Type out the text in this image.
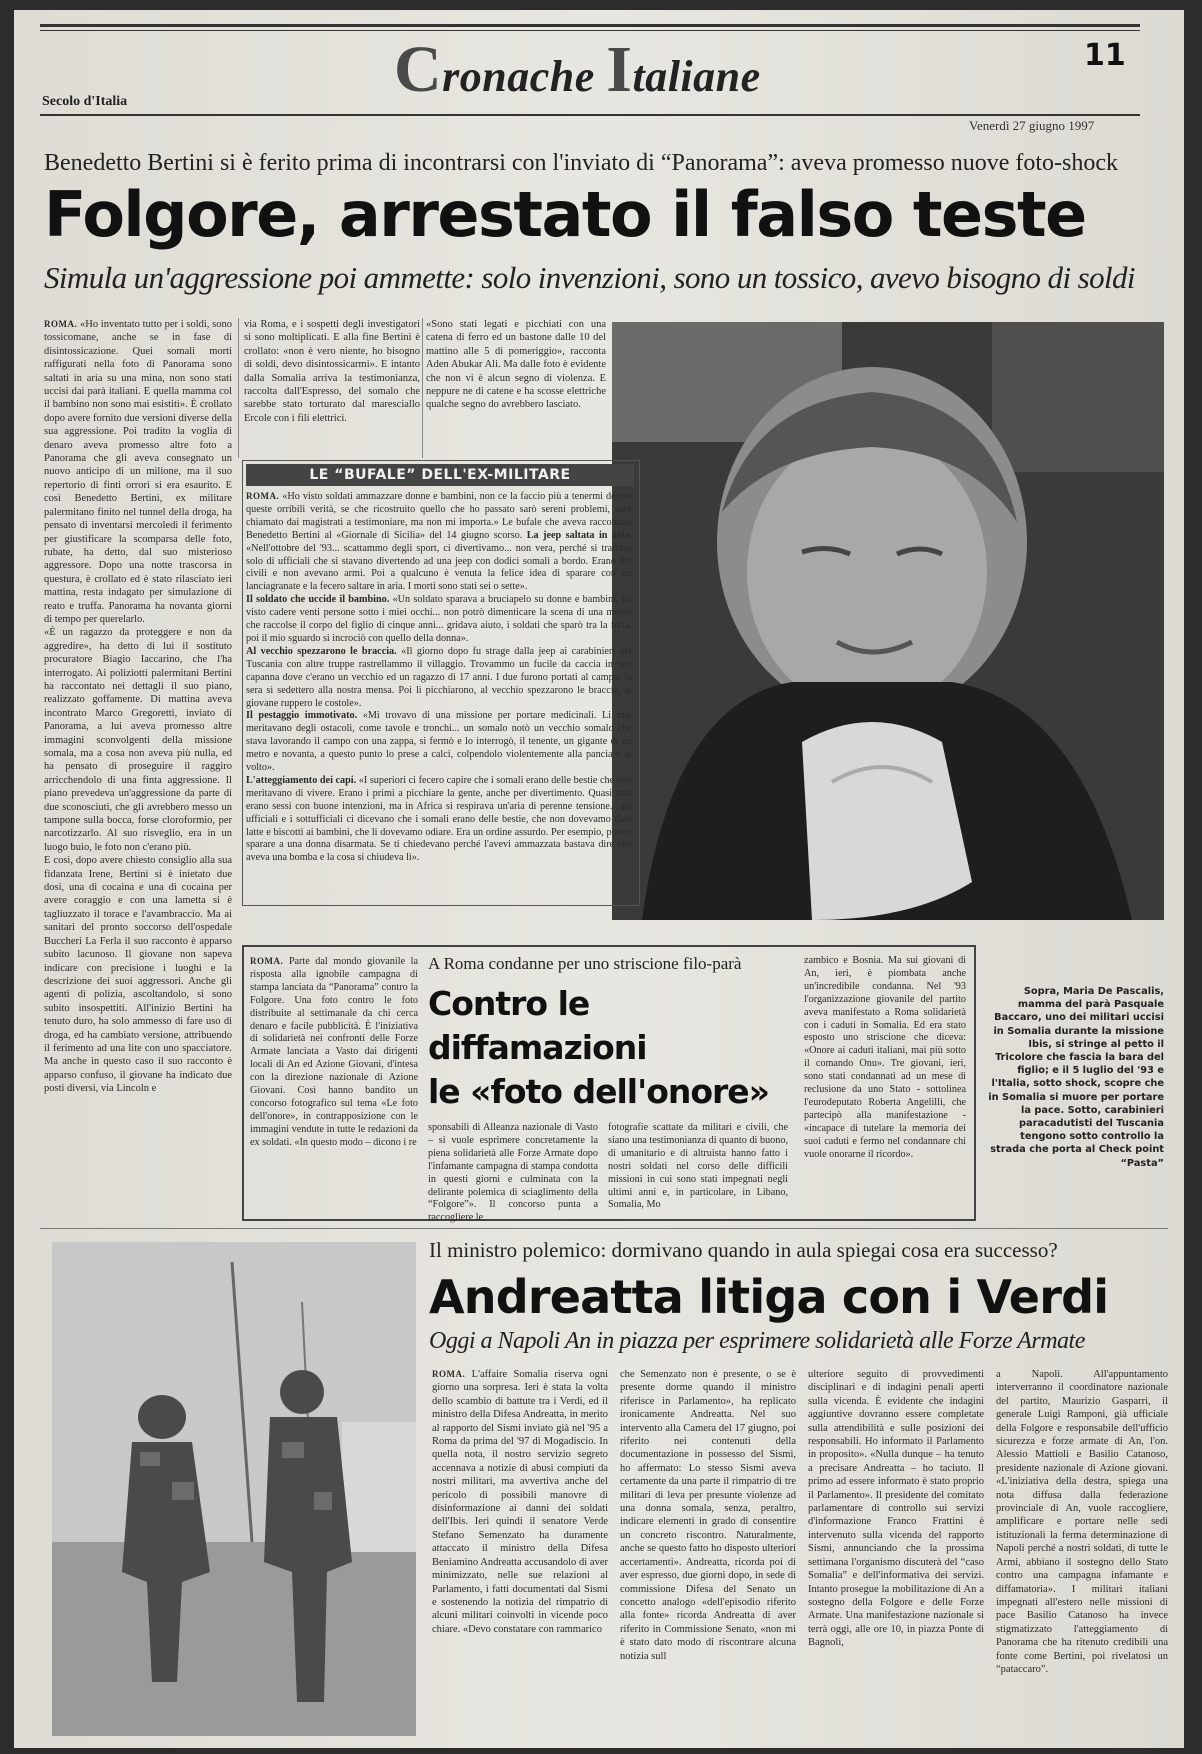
Secolo d'Italia	Cronache Italiane	11
Venerdì 27 giugno 1997
Benedetto Bertini si è ferito prima di incontrarsi con l'inviato di “Panorama”: aveva promesso nuove foto-shock
Folgore, arrestato il falso teste
Simula un'aggressione poi ammette: solo invenzioni, sono un tossico, avevo bisogno di soldi
ROMA. «Ho inventato tutto per i soldi, sono tossicomane, anche se in fase di disintossicazione. Quei somali morti raffigurati nella foto di Panorama sono saltati in aria su una mina, non sono stati uccisi dai parà italiani. E quella mamma col il bambino non sono mai esistiti». È crollato dopo avere fornito due versioni diverse della sua aggressione. Poi tradito la voglia di denaro aveva promesso altre foto a Panorama che gli aveva consegnato un nuovo anticipo di un milione, ma il suo repertorio di finti orrori si era esaurito. E così Benedetto Bertini, ex militare palermitano finito nel tunnel della droga, ha pensato di inventarsi mercoledì il ferimento per giustificare la scomparsa delle foto, rubate, ha detto, dal suo misterioso aggressore. Dopo una notte trascorsa in questura, è crollato ed è stato rilasciato ieri mattina, resta indagato per simulazione di reato e truffa. Panorama ha novanta giorni di tempo per querelarlo.
«È un ragazzo da proteggere e non da aggredire», ha detto di lui il sostituto procuratore Biagio Iaccarino, che l'ha interrogato. Ai poliziotti palermitani Bertini ha raccontato nei dettagli il suo piano, realizzato goffamente. Di mattina aveva incontrato Marco Gregoretti, inviato di Panorama, a lui aveva promesso altre immagini sconvolgenti della missione somala, ma a cosa non aveva più nulla, ed ha pensato di proseguire il raggiro arricchendolo di una finta aggressione. Il piano prevedeva un'aggressione da parte di due sconosciuti, che gli avrebbero messo un tampone sulla bocca, forse cloroformio, per narcotizzarlo. Al suo risveglio, era in un luogo buio, le foto non c'erano più.
E così, dopo avere chiesto consiglio alla sua fidanzata Irene, Bertini si è inietato due dosi, una di cocaina e una di cocaina per avere coraggio e con una lametta si è tagliuzzato il torace e l'avambraccio. Ma ai sanitari del pronto soccorso dell'ospedale Buccheri La Ferla il suo racconto è apparso subito lacunoso. Il giovane non sapeva indicare con precisione i luoghi e la descrizione dei suoi aggressori. Anche gli agenti di polizia, ascoltandolo, si sono subito insospettiti. All'inizio Bertini ha tenuto duro, ha solo ammesso di fare uso di droga, ed ha cambiato versione, attribuendo il ferimento ad una lite con uno spacciatore. Ma anche in questo caso il suo racconto è apparso confuso, il giovane ha indicato due posti diversi, via Lincoln e
via Roma, e i sospetti degli investigatori si sono moltiplicati. E alla fine Bertini è crollato: «non è vero niente, ho bisogno di soldi, devo disintossicarmi». E intanto dalla Somalia arriva la testimonianza, raccolta dall'Espresso, del somalo che sarebbe stato torturato dal maresciallo Ercole con i fili elettrici.
«Sono stati legati e picchiati con una catena di ferro ed un bastone dalle 10 del mattino alle 5 di pomeriggio», racconta Aden Abukar Ali. Ma dalle foto è evidente che non vi è alcun segno di violenza. E neppure ne di catene e ha scosse elettriche qualche segno do avrebbero lasciato.
LE “BUFALE” DELL'EX-MILITARE
ROMA. «Ho visto soldati ammazzare donne e bambini, non ce la faccio più a tenermi dentro queste orribili verità, se che ricostruito quello che ho passato sarò sereni problemi, sarò chiamato dai magistrati a testimoniare, ma non mi importa.» Le bufale che aveva raccontato Benedetto Bertini al «Giornale di Sicilia» del 14 giugno scorso. La jeep saltata in aria. «Nell'ottobre del '93... scattammo degli sport, ci divertivamo... non vera, perché si trattava solo di ufficiali che si stavano divertendo ad una jeep con dodici somali a bordo. Erano dei civili e non avevano armi. Poi a qualcuno è venuta la felice idea di sparare con un lanciagranate e la fecero saltare in aria. I morti sono stati sei o sette».
Il soldato che uccide il bambino. «Un soldato sparava a bruciapelo su donne e bambini, ho visto cadere venti persone sotto i miei occhi... non potrò dimenticare la scena di una madre che raccolse il corpo del figlio di cinque anni... gridava aiuto, i soldati che sparò tra la folla, poi il mio sguardo si incrociò con quello della donna».
Al vecchio spezzarono le braccia. «Il giorno dopo fu strage dalla jeep ai carabinieri del Tuscania con altre truppe rastrellammo il villaggio. Trovammo un fucile da caccia in una capanna dove c'erano un vecchio ed un ragazzo di 17 anni. I due furono portati al campo, la sera si sedettero alla nostra mensa. Poi li picchiarono, al vecchio spezzarono le braccia, al giovane ruppero le costole».
Il pestaggio immotivato. «Mi trovavo di una missione per portare medicinali. Li mai meritavano degli ostacoli, come tavole e tronchi... un somalo notò un vecchio somalo che stava lavorando il campo con una zappa, si fermò e lo interrogò, il tenente, un gigante di un metro e novanta, a questo punto lo prese a calci, colpendolo violentemente alla pancia e al volto».
L'atteggiamento dei capi. «I superiori ci fecero capire che i somali erano delle bestie che non meritavano di vivere. Erano i primi a picchiare la gente, anche per divertimento. Quasi tutti erano sessi con buone intenzioni, ma in Africa si respirava un'aria di perenne tensione... gli ufficiali e i sottufficiali ci dicevano che i somali erano delle bestie, che non dovevamo dare latte e biscotti ai bambini, che li dovevamo odiare. Era un ordine assurdo. Per esempio, potevi sparare a una donna disarmata. Se ti chiedevano perché l'avevi ammazzata bastava dire che aveva una bomba e la cosa si chiudeva lì».
Sopra, Maria De Pascalis, mamma del parà Pasquale Baccaro, uno dei militari uccisi in Somalia durante la missione Ibis, si stringe al petto il Tricolore che fascia la bara del figlio; e il 5 luglio del '93 e l'Italia, sotto shock, scopre che in Somalia si muore per portare la pace. Sotto, carabinieri paracadutisti del Tuscania tengono sotto controllo la strada che porta al Check point “Pasta”
ROMA. Parte dal mondo giovanile la risposta alla ignobile campagna di stampa lanciata da “Panorama” contro la Folgore. Una foto contro le foto distribuite al settimanale da chi cerca denaro e facile pubblicità. È l'iniziativa di solidarietà nei confronti delle Forze Armate lanciata a Vasto dai dirigenti locali di An ed Azione Giovani, d'intesa con la direzione nazionale di Azione Giovani. Così hanno bandito un concorso fotografico sul tema «Le foto dell'onore», in contrapposizione con le immagini vendute in tutte le redazioni da ex soldati. «In questo modo – dicono i re
A Roma condanne per uno striscione filo-parà
Contro le diffamazioni
le «foto dell'onore»
sponsabili di Alleanza nazionale di Vasto – si vuole esprimere concretamente la piena solidarietà alle Forze Armate dopo l'infamante campagna di stampa condotta in questi giorni e culminata con la delirante polemica di sciaglimento della “Folgore”». Il concorso punta a raccogliere le
fotografie scattate da militari e civili, che siano una testimonianza di quanto di buono, di umanitario e di altruista hanno fatto i nostri soldati nel corso delle difficili missioni in cui sono stati impegnati negli ultimi anni e, in particolare, in Libano, Somalia, Mo
zambico e Bosnia. Ma sui giovani di An, ieri, è piombata anche un'incredibile condanna. Nel '93 l'organizzazione giovanile del partito aveva manifestato a Roma solidarietà con i caduti in Somalia. Ed era stato esposto uno striscione che diceva: «Onore ai caduti italiani, mai più sotto il comando Onu». Tre giovani, ieri, sono stati condannati ad un mese di reclusione da uno Stato - sottolinea l'eurodeputato Roberta Angelilli, che partecipò alla manifestazione - «incapace di tutelare la memoria dei suoi caduti e fermo nel condannare chi vuole onorarne il ricordo».
Il ministro polemico: dormivano quando in aula spiegai cosa era successo?
Andreatta litiga con i Verdi
Oggi a Napoli An in piazza per esprimere solidarietà alle Forze Armate
ROMA. L'affaire Somalia riserva ogni giorno una sorpresa. Ieri è stata la volta dello scambio di battute tra i Verdi, ed il ministro della Difesa Andreatta, in merito al rapporto del Sismi inviato già nel '95 a Roma da prima del '97 di Mogadiscio. In quella nota, il nostro servizio segreto accennava a notizie di abusi compiuti da nostri militari, ma avvertiva anche del pericolo di possibili manovre di disinformazione ai danni dei soldati dell'Ibis. Ieri quindi il senatore Verde Stefano Semenzato ha duramente attaccato il ministro della Difesa Beniamino Andreatta accusandolo di aver minimizzato, nelle sue relazioni al Parlamento, i fatti documentati dal Sismi e sostenendo la notizia del rimpatrio di alcuni militari coinvolti in vicende poco chiare. «Devo constatare con rammarico
che Semenzato non è presente, o se è presente dorme quando il ministro riferisce in Parlamento», ha replicato ironicamente Andreatta. Nel suo intervento alla Camera del 17 giugno, poi riferito nei contenuti della documentazione in possesso del Sismi, ho affermato: Lo stesso Sismi aveva certamente da una parte il rimpatrio di tre militari di leva per presunte violenze ad una donna somala, senza, peraltro, indicare elementi in grado di consentire un concreto riscontro. Naturalmente, anche se questo fatto ho disposto ulteriori accertamenti». Andreatta, ricorda poi di aver espresso, due giorni dopo, in sede di commissione Difesa del Senato un concetto analogo «dell'episodio riferito alla fonte» ricorda Andreatta di aver riferito in Commissione Senato, «non mi è stato dato modo di riscontrare alcuna notizia sull
ulteriore seguito di provvedimenti disciplinari e di indagini penali aperti sulla vicenda. È evidente che indagini aggiuntive dovranno essere completate sulla attendibilità e sulle posizioni dei responsabili. Ho informato il Parlamento in proposito». «Nulla dunque – ha tenuto a precisare Andreatta – ho taciuto. Il primo ad essere informato è stato proprio il Parlamento». Il presidente del comitato parlamentare di controllo sui servizi d'informazione Franco Frattini è intervenuto sulla vicenda del rapporto Sismi, annunciando che la prossima settimana l'organismo discuterà del “caso Somalia” e dell'informativa dei servizi. Intanto prosegue la mobilitazione di An a sostegno della Folgore e delle Forze Armate. Una manifestazione nazionale si terrà oggi, alle ore 10, in piazza Ponte di Bagnoli,
a Napoli. All'appuntamento interverranno il coordinatore nazionale del partito, Maurizio Gasparri, il generale Luigi Ramponi, già ufficiale della Folgore e responsabile dell'ufficio sicurezza e forze armate di An, l'on. Alessio Mattioli e Basilio Catanoso, presidente nazionale di Azione giovani. «L'iniziativa della destra, spiega una nota diffusa dalla federazione provinciale di An, vuole raccogliere, amplificare e portare nelle sedi istituzionali la ferma determinazione di Napoli perché a nostri soldati, di tutte le Armi, abbiano il sostegno dello Stato contro una campagna infamante e diffamatoria». I militari italiani impegnati all'estero nelle missioni di pace Basilio Catanoso ha invece stigmatizzato l'atteggiamento di Panorama che ha ritenuto credibili una fonte come Bertini, poi rivelatosi un “pataccaro”.
